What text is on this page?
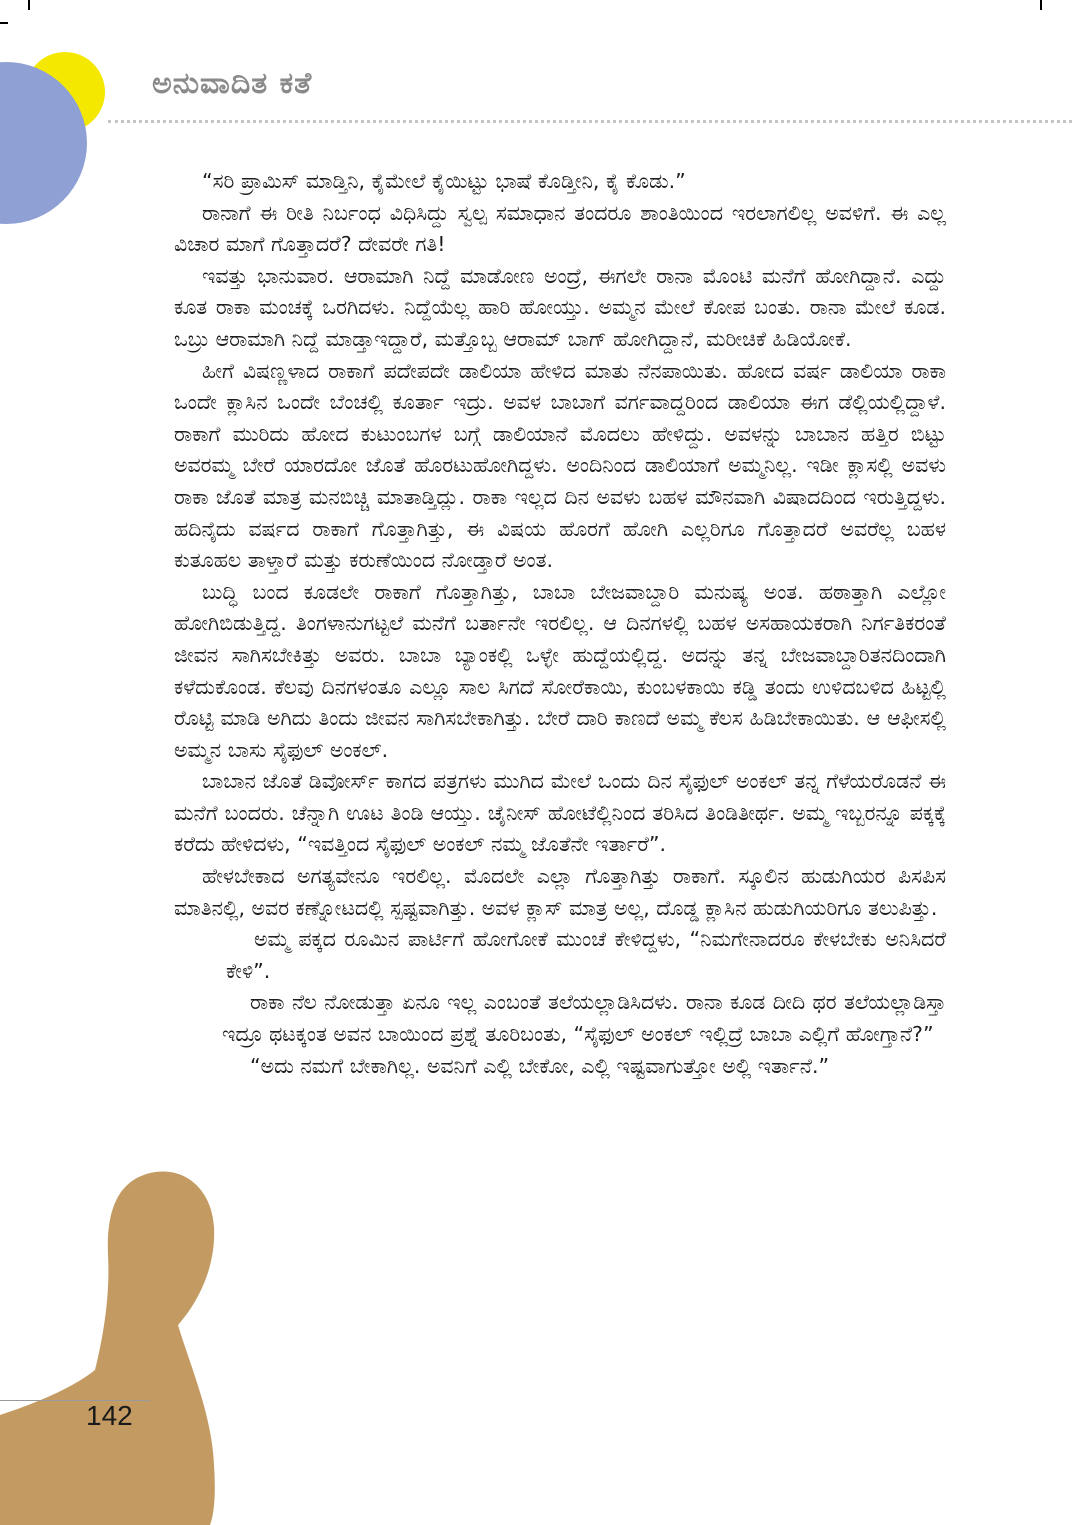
ಅನುವಾದಿತ ಕತೆ

“ಸರಿ ಪ್ರಾಮಿಸ್ ಮಾಡ್ತಿನಿ, ಕೈಮೇಲೆ ಕೈಯಿಟ್ಟು ಭಾಷೆ ಕೊಡ್ತೀನಿ, ಕೈ ಕೊಡು.”

ರಾನಾಗೆ ಈ ರೀತಿ ನಿರ್ಬಂಧ ವಿಧಿಸಿದ್ದು ಸ್ವಲ್ಪ ಸಮಾಧಾನ ತಂದರೂ ಶಾಂತಿಯಿಂದ ಇರಲಾಗಲಿಲ್ಲ ಅವಳಿಗೆ. ಈ ಎಲ್ಲ ವಿಚಾರ ಮಾಗೆ ಗೊತ್ತಾದರೆ? ದೇವರೇ ಗತಿ!

ಇವತ್ತು ಭಾನುವಾರ. ಆರಾಮಾಗಿ ನಿದ್ದೆ ಮಾಡೋಣ ಅಂದ್ರೆ, ಈಗಲೇ ರಾನಾ ಮೊಂಟಿ ಮನೆಗೆ ಹೋಗಿದ್ದಾನೆ. ಎದ್ದು ಕೂತ ರಾಕಾ ಮಂಚಕ್ಕೆ ಒರಗಿದಳು. ನಿದ್ದೆಯೆಲ್ಲ ಹಾರಿ ಹೋಯ್ತು. ಅಮ್ಮನ ಮೇಲೆ ಕೋಪ ಬಂತು. ರಾನಾ ಮೇಲೆ ಕೂಡ. ಒಬ್ರು ಆರಾಮಾಗಿ ನಿದ್ದೆ ಮಾಡ್ತಾಇದ್ದಾರೆ, ಮತ್ತೊಬ್ಬ ಆರಾಮ್ ಬಾಗ್ ಹೋಗಿದ್ದಾನೆ, ಮರೀಚಿಕೆ ಹಿಡಿಯೋಕೆ.

ಹೀಗೆ ವಿಷಣ್ಣಳಾದ ರಾಕಾಗೆ ಪದೇಪದೇ ಡಾಲಿಯಾ ಹೇಳಿದ ಮಾತು ನೆನಪಾಯಿತು. ಹೋದ ವರ್ಷ ಡಾಲಿಯಾ ರಾಕಾ ಒಂದೇ ಕ್ಲಾಸಿನ ಒಂದೇ ಬೆಂಚಲ್ಲಿ ಕೂರ್ತಾ ಇದ್ರು. ಅವಳ ಬಾಬಾಗೆ ವರ್ಗವಾದ್ದರಿಂದ ಡಾಲಿಯಾ ಈಗ ಡೆಲ್ಲಿಯಲ್ಲಿದ್ದಾಳೆ. ರಾಕಾಗೆ ಮುರಿದು ಹೋದ ಕುಟುಂಬಗಳ ಬಗ್ಗೆ ಡಾಲಿಯಾನೆ ಮೊದಲು ಹೇಳಿದ್ದು. ಅವಳನ್ನು ಬಾಬಾನ ಹತ್ತಿರ ಬಿಟ್ಟು ಅವರಮ್ಮ ಬೇರೆ ಯಾರದೋ ಜೊತೆ ಹೊರಟುಹೋಗಿದ್ದಳು. ಅಂದಿನಿಂದ ಡಾಲಿಯಾಗೆ ಅಮ್ಮನಿಲ್ಲ. ಇಡೀ ಕ್ಲಾಸಲ್ಲಿ ಅವಳು ರಾಕಾ ಜೊತೆ ಮಾತ್ರ ಮನಬಿಚ್ಚಿ ಮಾತಾಡ್ತಿದ್ಲು. ರಾಕಾ ಇಲ್ಲದ ದಿನ ಅವಳು ಬಹಳ ಮೌನವಾಗಿ ವಿಷಾದದಿಂದ ಇರುತ್ತಿದ್ದಳು. ಹದಿನೈದು ವರ್ಷದ ರಾಕಾಗೆ ಗೊತ್ತಾಗಿತ್ತು, ಈ ವಿಷಯ ಹೊರಗೆ ಹೋಗಿ ಎಲ್ಲರಿಗೂ ಗೊತ್ತಾದರೆ ಅವರೆಲ್ಲ ಬಹಳ ಕುತೂಹಲ ತಾಳ್ತಾರೆ ಮತ್ತು ಕರುಣೆಯಿಂದ ನೋಡ್ತಾರೆ ಅಂತ.

ಬುದ್ಧಿ ಬಂದ ಕೂಡಲೇ ರಾಕಾಗೆ ಗೊತ್ತಾಗಿತ್ತು, ಬಾಬಾ ಬೇಜವಾಬ್ದಾರಿ ಮನುಷ್ಯ ಅಂತ. ಹಠಾತ್ತಾಗಿ ಎಲ್ಲೋ ಹೋಗಿಬಿಡುತ್ತಿದ್ದ. ತಿಂಗಳಾನುಗಟ್ಟಲೆ ಮನೆಗೆ ಬರ್ತಾನೇ ಇರಲಿಲ್ಲ. ಆ ದಿನಗಳಲ್ಲಿ ಬಹಳ ಅಸಹಾಯಕರಾಗಿ ನಿರ್ಗತಿಕರಂತೆ ಜೀವನ ಸಾಗಿಸಬೇಕಿತ್ತು ಅವರು. ಬಾಬಾ ಬ್ಯಾಂಕಲ್ಲಿ ಒಳ್ಳೇ ಹುದ್ದೆಯಲ್ಲಿದ್ದ. ಅದನ್ನು ತನ್ನ ಬೇಜವಾಬ್ದಾರಿತನದಿಂದಾಗಿ ಕಳೆದುಕೊಂಡ. ಕೆಲವು ದಿನಗಳಂತೂ ಎಲ್ಲೂ ಸಾಲ ಸಿಗದೆ ಸೋರೆಕಾಯಿ, ಕುಂಬಳಕಾಯಿ ಕಡ್ಡಿ ತಂದು ಉಳಿದಬಳಿದ ಹಿಟ್ಟಲ್ಲಿ ರೊಟ್ಟಿ ಮಾಡಿ ಅಗಿದು ತಿಂದು ಜೀವನ ಸಾಗಿಸಬೇಕಾಗಿತ್ತು. ಬೇರೆ ದಾರಿ ಕಾಣದೆ ಅಮ್ಮ ಕೆಲಸ ಹಿಡಿಬೇಕಾಯಿತು. ಆ ಆಫೀಸಲ್ಲಿ ಅಮ್ಮನ ಬಾಸು ಸೈಫುಲ್ ಅಂಕಲ್.

ಬಾಬಾನ ಜೊತೆ ಡಿವೋರ್ಸ್ ಕಾಗದ ಪತ್ರಗಳು ಮುಗಿದ ಮೇಲೆ ಒಂದು ದಿನ ಸೈಫುಲ್ ಅಂಕಲ್ ತನ್ನ ಗೆಳೆಯರೊಡನೆ ಈ ಮನೆಗೆ ಬಂದರು. ಚೆನ್ನಾಗಿ ಊಟ ತಿಂಡಿ ಆಯ್ತು. ಚೈನೀಸ್ ಹೋಟೆಲ್ಲಿನಿಂದ ತರಿಸಿದ ತಿಂಡಿತೀರ್ಥ. ಅಮ್ಮ ಇಬ್ಬರನ್ನೂ ಪಕ್ಕಕ್ಕೆ ಕರೆದು ಹೇಳಿದಳು, “ಇವತ್ತಿಂದ ಸೈಫುಲ್ ಅಂಕಲ್ ನಮ್ಮ ಜೊತೆನೇ ಇರ್ತಾರೆ”.

ಹೇಳಬೇಕಾದ ಅಗತ್ಯವೇನೂ ಇರಲಿಲ್ಲ. ಮೊದಲೇ ಎಲ್ಲಾ ಗೊತ್ತಾಗಿತ್ತು ರಾಕಾಗೆ. ಸ್ಕೂಲಿನ ಹುಡುಗಿಯರ ಪಿಸಪಿಸ ಮಾತಿನಲ್ಲಿ, ಅವರ ಕಣ್ನೋಟದಲ್ಲಿ ಸ್ಪಷ್ಟವಾಗಿತ್ತು. ಅವಳ ಕ್ಲಾಸ್ ಮಾತ್ರ ಅಲ್ಲ, ದೊಡ್ಡ ಕ್ಲಾಸಿನ ಹುಡುಗಿಯರಿಗೂ ತಲುಪಿತ್ತು.

ಅಮ್ಮ ಪಕ್ಕದ ರೂಮಿನ ಪಾರ್ಟಿಗೆ ಹೋಗೋಕೆ ಮುಂಚೆ ಕೇಳಿದ್ದಳು, “ನಿಮಗೇನಾದರೂ ಕೇಳಬೇಕು ಅನಿಸಿದರೆ ಕೇಳಿ”.

ರಾಕಾ ನೆಲ ನೋಡುತ್ತಾ ಏನೂ ಇಲ್ಲ ಎಂಬಂತೆ ತಲೆಯಲ್ಲಾಡಿಸಿದಳು. ರಾನಾ ಕೂಡ ದೀದಿ ಥರ ತಲೆಯಲ್ಲಾಡಿಸ್ತಾ ಇದ್ರೂ ಥಟಕ್ಕಂತ ಅವನ ಬಾಯಿಂದ ಪ್ರಶ್ನೆ ತೂರಿಬಂತು, “ಸೈಫುಲ್ ಅಂಕಲ್ ಇಲ್ಲಿದ್ರೆ ಬಾಬಾ ಎಲ್ಲಿಗೆ ಹೋಗ್ತಾನೆ?”

“ಅದು ನಮಗೆ ಬೇಕಾಗಿಲ್ಲ. ಅವನಿಗೆ ಎಲ್ಲಿ ಬೇಕೋ, ಎಲ್ಲಿ ಇಷ್ಟವಾಗುತ್ತೋ ಅಲ್ಲಿ ಇರ್ತಾನೆ.”

142
